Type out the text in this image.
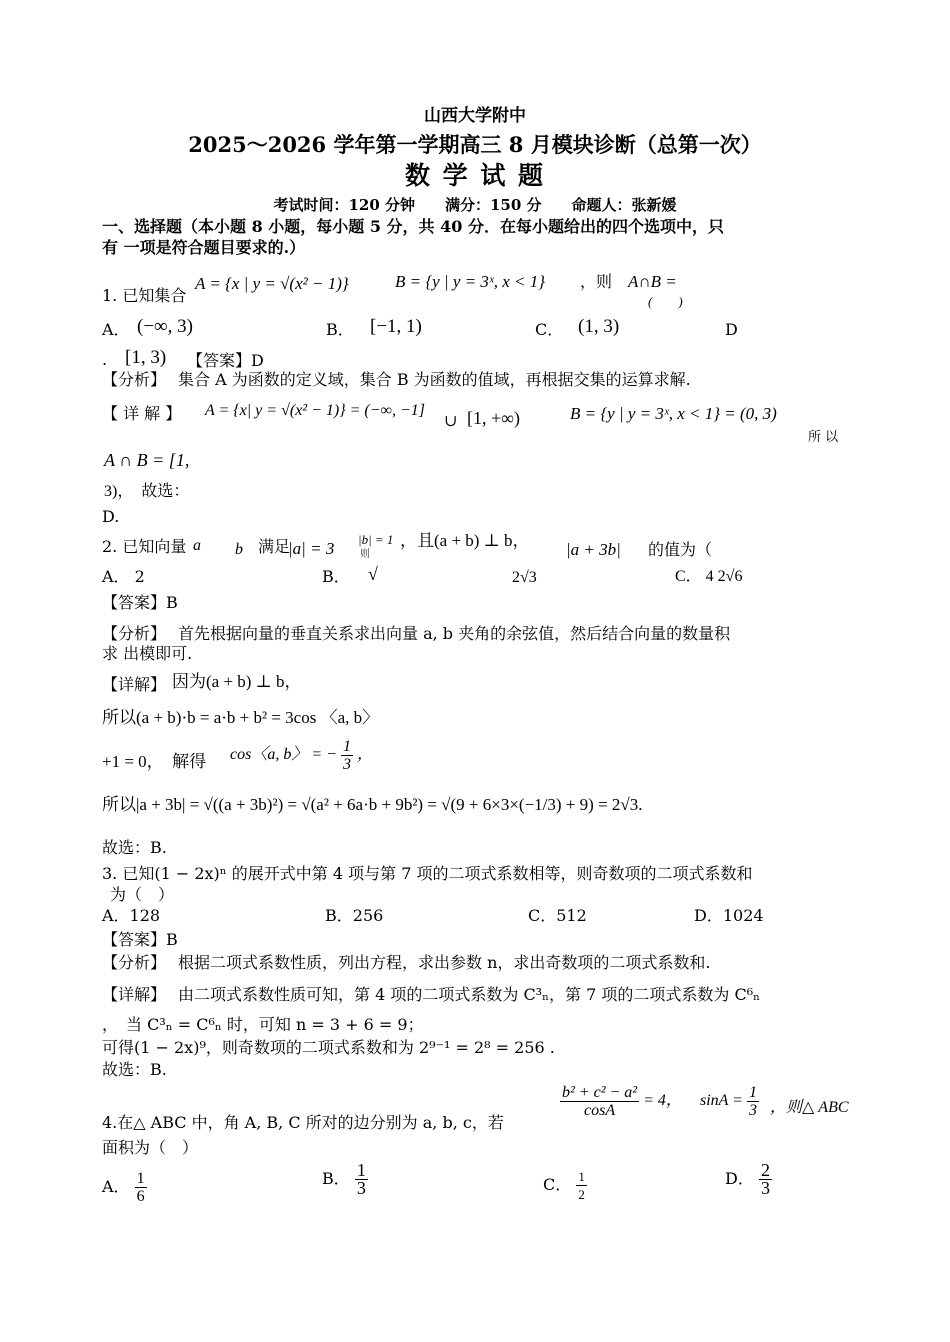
山西大学附中
2025～2026 学年第一学期高三 8 月模块诊断（总第一次）
数 学 试 题
考试时间：120 分钟　　满分：150 分　　命题人：张新媛
一、选择题（本小题 8 小题，每小题 5 分，共 40 分．在每小题给出的四个选项中，只
有 一项是符合题目要求的.）
1. 已知集合
A = {x | y = √(x² − 1)}	B = {y | y = 3ˣ, x < 1} ，则 A∩B =
(　　)
A． (−∞, 3)	B． [−1, 1)	C． (1, 3)	D
. [1, 3) 【答案】D
【分析】 集合 A 为函数的定义域，集合 B 为函数的值域，再根据交集的运算求解.
【 详 解 】 A = {x| y = √(x² − 1)} = (−∞, −1]
∪ [1, +∞)	B = {y | y = 3ˣ, x < 1} = (0, 3)
所 以
A ∩ B = [1,
3)，　故选：
D.
2. 已知向量 a b 满足
|a| = 3 |b| = 1
则
，且(a + b) ⊥ b， |a + 3b| 的值为（
A． 2	B． √	2√3	C． 4 2√6
【答案】B
【分析】 首先根据向量的垂直关系求出向量 a, b 夹角的余弦值，然后结合向量的数量积
求 出模即可.
【详解】 因为(a + b) ⊥ b，
所以(a + b)·b = a·b + b² = 3cos 〈a, b〉
+1 = 0，　解得 cos〈a, b〉 = − $\frac{1}{3}$ ，
所以|a + 3b| = √((a + 3b)²) = √(a² + 6a·b + 9b²) = √(9 + 6×3×(−1/3) + 9) = 2√3.
故选：B.
3. 已知(1 − 2x)ⁿ 的展开式中第 4 项与第 7 项的二项式系数相等，则奇数项的二项式系数和
为（　）
A．128	B．256	C．512	D．1024
【答案】B
【分析】 根据二项式系数性质，列出方程，求出参数 n，求出奇数项的二项式系数和.
【详解】 由二项式系数性质可知，第 4 项的二项式系数为 C³ₙ，第 7 项的二项式系数为 C⁶ₙ
，　当 C³ₙ = C⁶ₙ 时，可知 n = 3 + 6 = 9；
可得(1 − 2x)⁹，则奇数项的二项式系数和为 2⁹⁻¹ = 2⁸ = 256 .
故选：B.
4.在△ ABC 中，角 A, B, C 所对的边分别为 a, b, c，若
$\frac{\text{b² + c² − a²}}{\cos A} = 4$， $\sin A = \frac{1}{3}$ ，则△ ABC
面积为（　）
A． $\frac{1}{6}$	B． $\frac{1}{3}$	C． $\frac{1}{2}$	D． $\frac{2}{3}$
